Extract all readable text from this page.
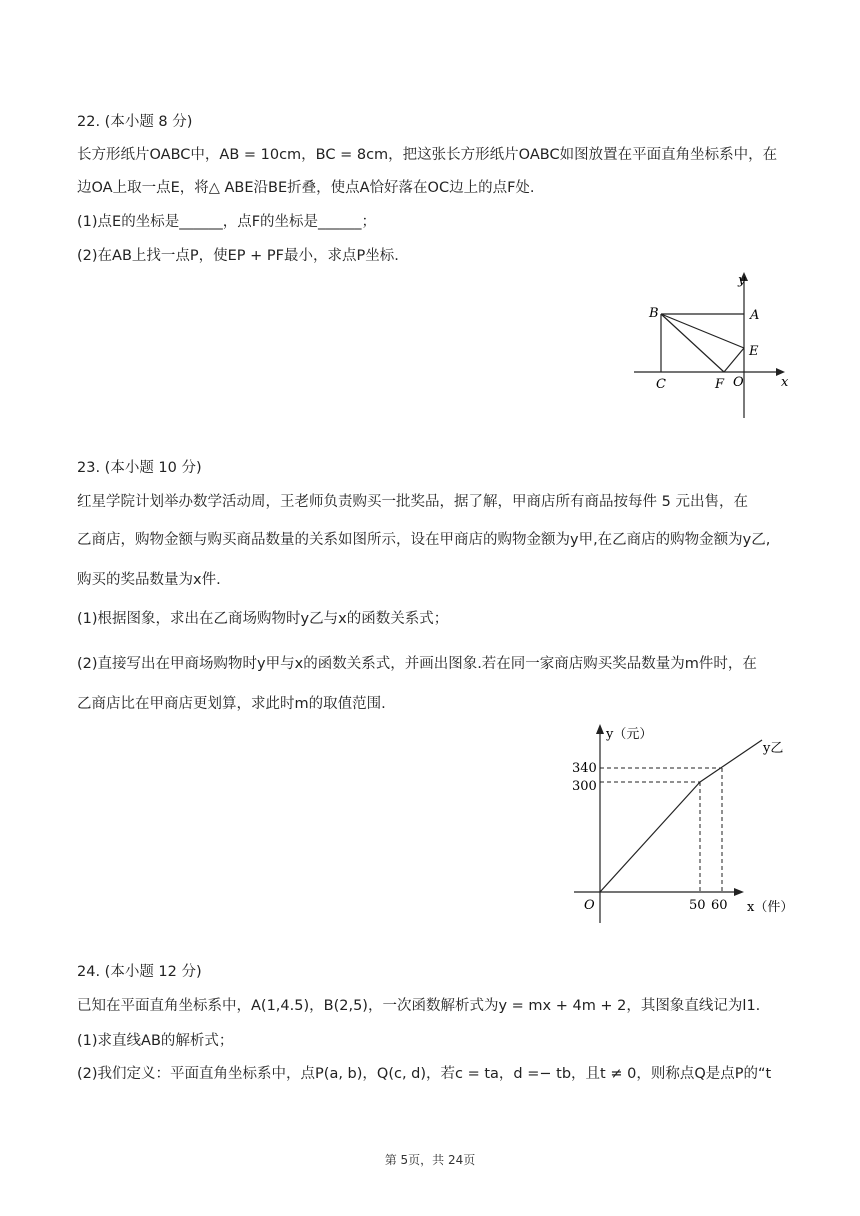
22. (本小题 8 分)
长方形纸片OABC中，AB = 10cm，BC = 8cm，把这张长方形纸片OABC如图放置在平面直角坐标系中，在
边OA上取一点E，将△ ABE沿BE折叠，使点A恰好落在OC边上的点F处.
(1)点E的坐标是______，点F的坐标是______；
(2)在AB上找一点P，使EP + PF最小，求点P坐标.
y
x
B	A
E
C	F O
23. (本小题 10 分)
红星学院计划举办数学活动周，王老师负责购买一批奖品，据了解，甲商店所有商品按每件 5 元出售，在
乙商店，购物金额与购买商品数量的关系如图所示，设在甲商店的购物金额为y甲,在乙商店的购物金额为y乙,
购买的奖品数量为x件.
(1)根据图象，求出在乙商场购物时y乙与x的函数关系式；
(2)直接写出在甲商场购物时y甲与x的函数关系式，并画出图象.若在同一家商店购买奖品数量为m件时，在
乙商店比在甲商店更划算，求此时m的取值范围.
y（元）
x（件）
O
y乙
340
300
50 60
24. (本小题 12 分)
已知在平面直角坐标系中，A(1,4.5)，B(2,5)，一次函数解析式为y = mx + 4m + 2，其图象直线记为l1.
(1)求直线AB的解析式；
(2)我们定义：平面直角坐标系中，点P(a, b)，Q(c, d)，若c = ta，d =− tb，且t ≠ 0，则称点Q是点P的“t
第 5页，共 24页
